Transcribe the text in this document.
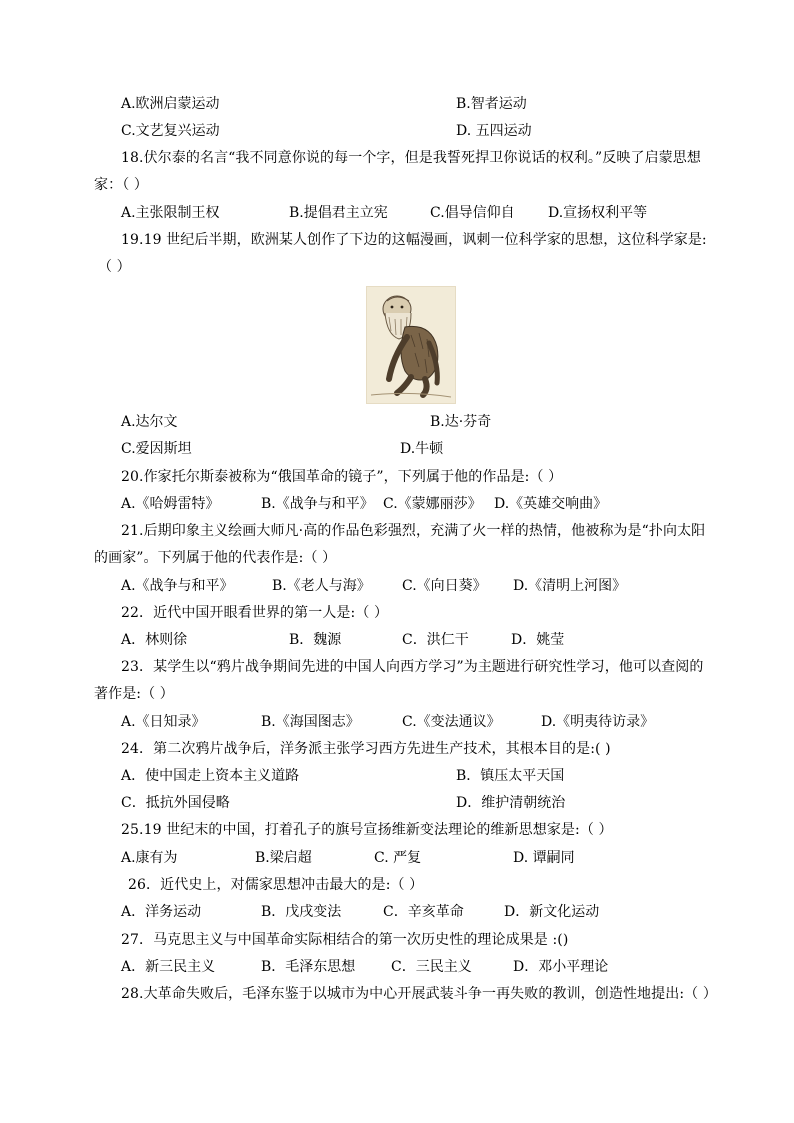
A.欧洲启蒙运动	B.智者运动
C.文艺复兴运动	D. 五四运动
18.伏尔泰的名言“我不同意你说的每一个字，但是我誓死捍卫你说话的权利。”反映了启蒙思想
家：（ ）
A.主张限制王权	B.提倡君主立宪	C.倡导信仰自 D.宣扬权利平等
19.19 世纪后半期，欧洲某人创作了下边的这幅漫画，讽刺一位科学家的思想，这位科学家是:
（ ）
A.达尔文	B.达·芬奇
C.爱因斯坦	D.牛顿
20.作家托尔斯泰被称为“俄国革命的镜子”，下列属于他的作品是:（ ）
A.《哈姆雷特》	B.《战争与和平》 C.《蒙娜丽莎》 D.《英雄交响曲》
21.后期印象主义绘画大师凡·高的作品色彩强烈，充满了火一样的热情，他被称为是“扑向太阳
的画家”。下列属于他的代表作是:（ ）
A.《战争与和平》	B.《老人与海》 C.《向日葵》 D.《清明上河图》
22．近代中国开眼看世界的第一人是:（ ）
A．林则徐	B．魏源	C．洪仁干	D．姚莹
23．某学生以“鸦片战争期间先进的中国人向西方学习”为主题进行研究性学习，他可以查阅的
著作是:（ ）
A.《日知录》	B.《海国图志》	C.《变法通议》	D.《明夷待访录》
24．第二次鸦片战争后，洋务派主张学习西方先进生产技术，其根本目的是:( )
A．使中国走上资本主义道路	B．镇压太平天国
C．抵抗外国侵略	D．维护清朝统治
25.19 世纪末的中国，打着孔子的旗号宣扬维新变法理论的维新思想家是:（ ）
A.康有为	B.梁启超	C. 严复	D. 谭嗣同
26．近代史上，对儒家思想冲击最大的是:（ ）
A．洋务运动	B．戊戌变法	C．辛亥革命	D．新文化运动
27．马克思主义与中国革命实际相结合的第一次历史性的理论成果是 :()
A．新三民主义	B．毛泽东思想	C．三民主义	D．邓小平理论
28.大革命失败后，毛泽东鉴于以城市为中心开展武装斗争一再失败的教训，创造性地提出:（ ）
